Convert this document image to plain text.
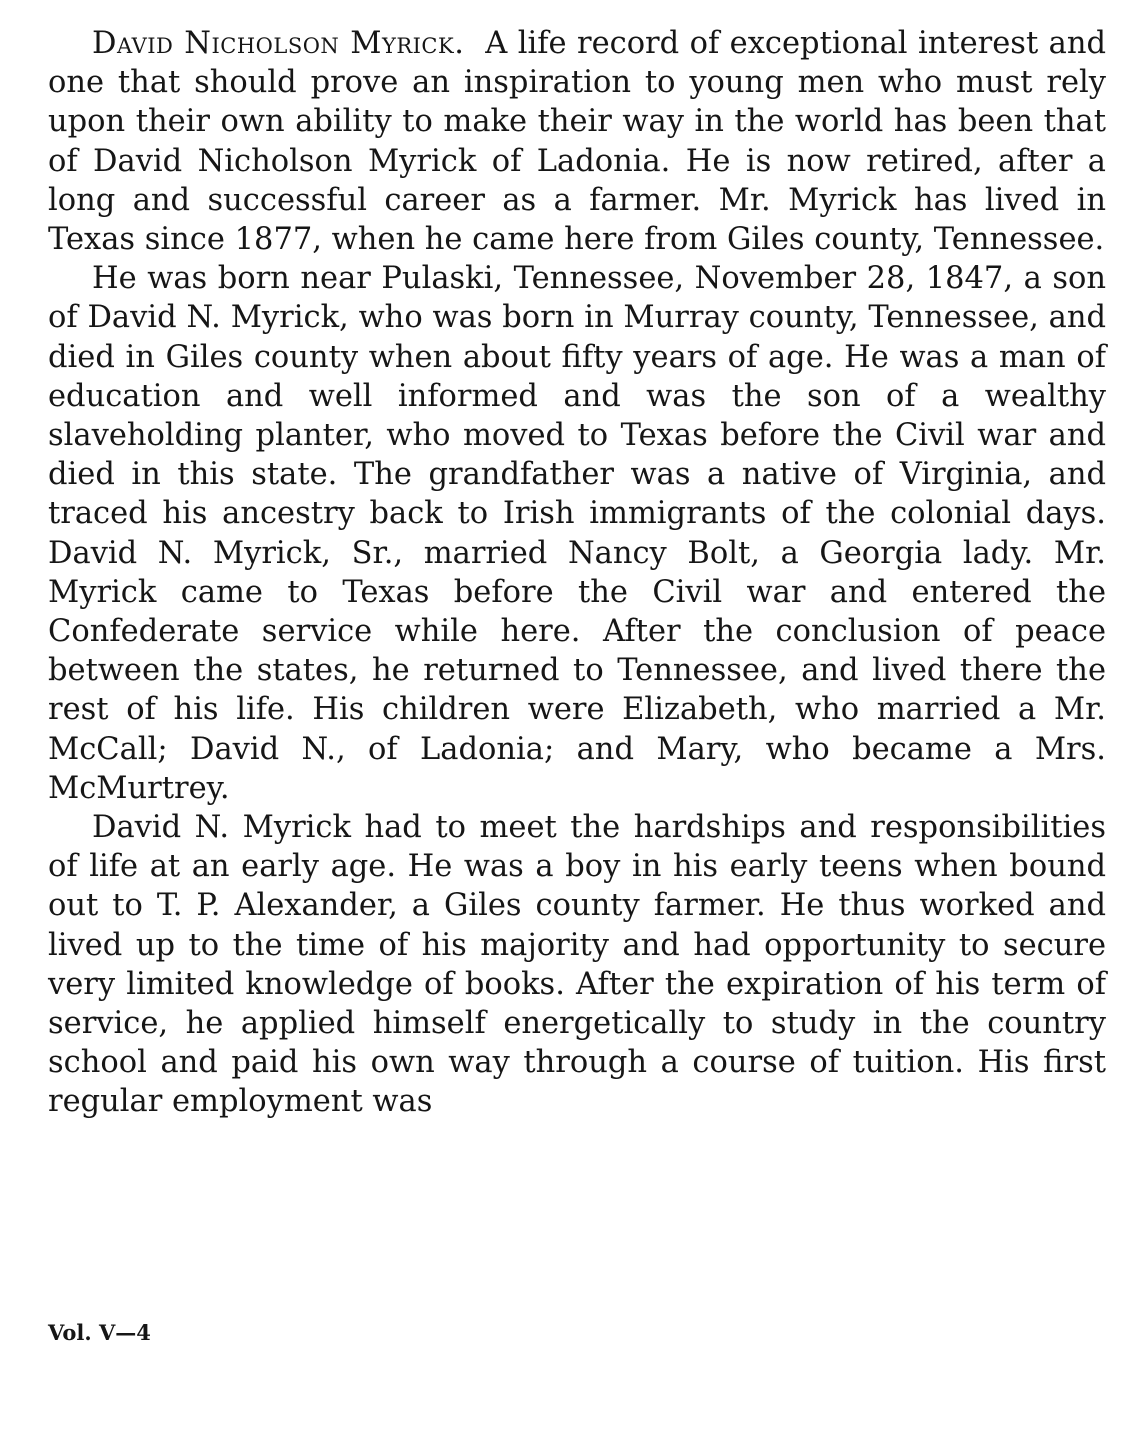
David Nicholson Myrick. A life record of exceptional interest and one that should prove an inspiration to young men who must rely upon their own ability to make their way in the world has been that of David Nicholson Myrick of Ladonia. He is now retired, after a long and successful career as a farmer. Mr. Myrick has lived in Texas since 1877, when he came here from Giles county, Tennessee.

He was born near Pulaski, Tennessee, November 28, 1847, a son of David N. Myrick, who was born in Murray county, Tennessee, and died in Giles county when about fifty years of age. He was a man of education and well informed and was the son of a wealthy slaveholding planter, who moved to Texas before the Civil war and died in this state. The grandfather was a native of Virginia, and traced his ancestry back to Irish immigrants of the colonial days. David N. Myrick, Sr., married Nancy Bolt, a Georgia lady. Mr. Myrick came to Texas before the Civil war and entered the Confederate service while here. After the conclusion of peace between the states, he returned to Tennessee, and lived there the rest of his life. His children were Elizabeth, who married a Mr. McCall; David N., of Ladonia; and Mary, who became a Mrs. McMurtrey.

David N. Myrick had to meet the hardships and responsibilities of life at an early age. He was a boy in his early teens when bound out to T. P. Alexander, a Giles county farmer. He thus worked and lived up to the time of his majority and had opportunity to secure very limited knowledge of books. After the expiration of his term of service, he applied himself energetically to study in the country school and paid his own way through a course of tuition. His first regular employment was

Vol. V—4
